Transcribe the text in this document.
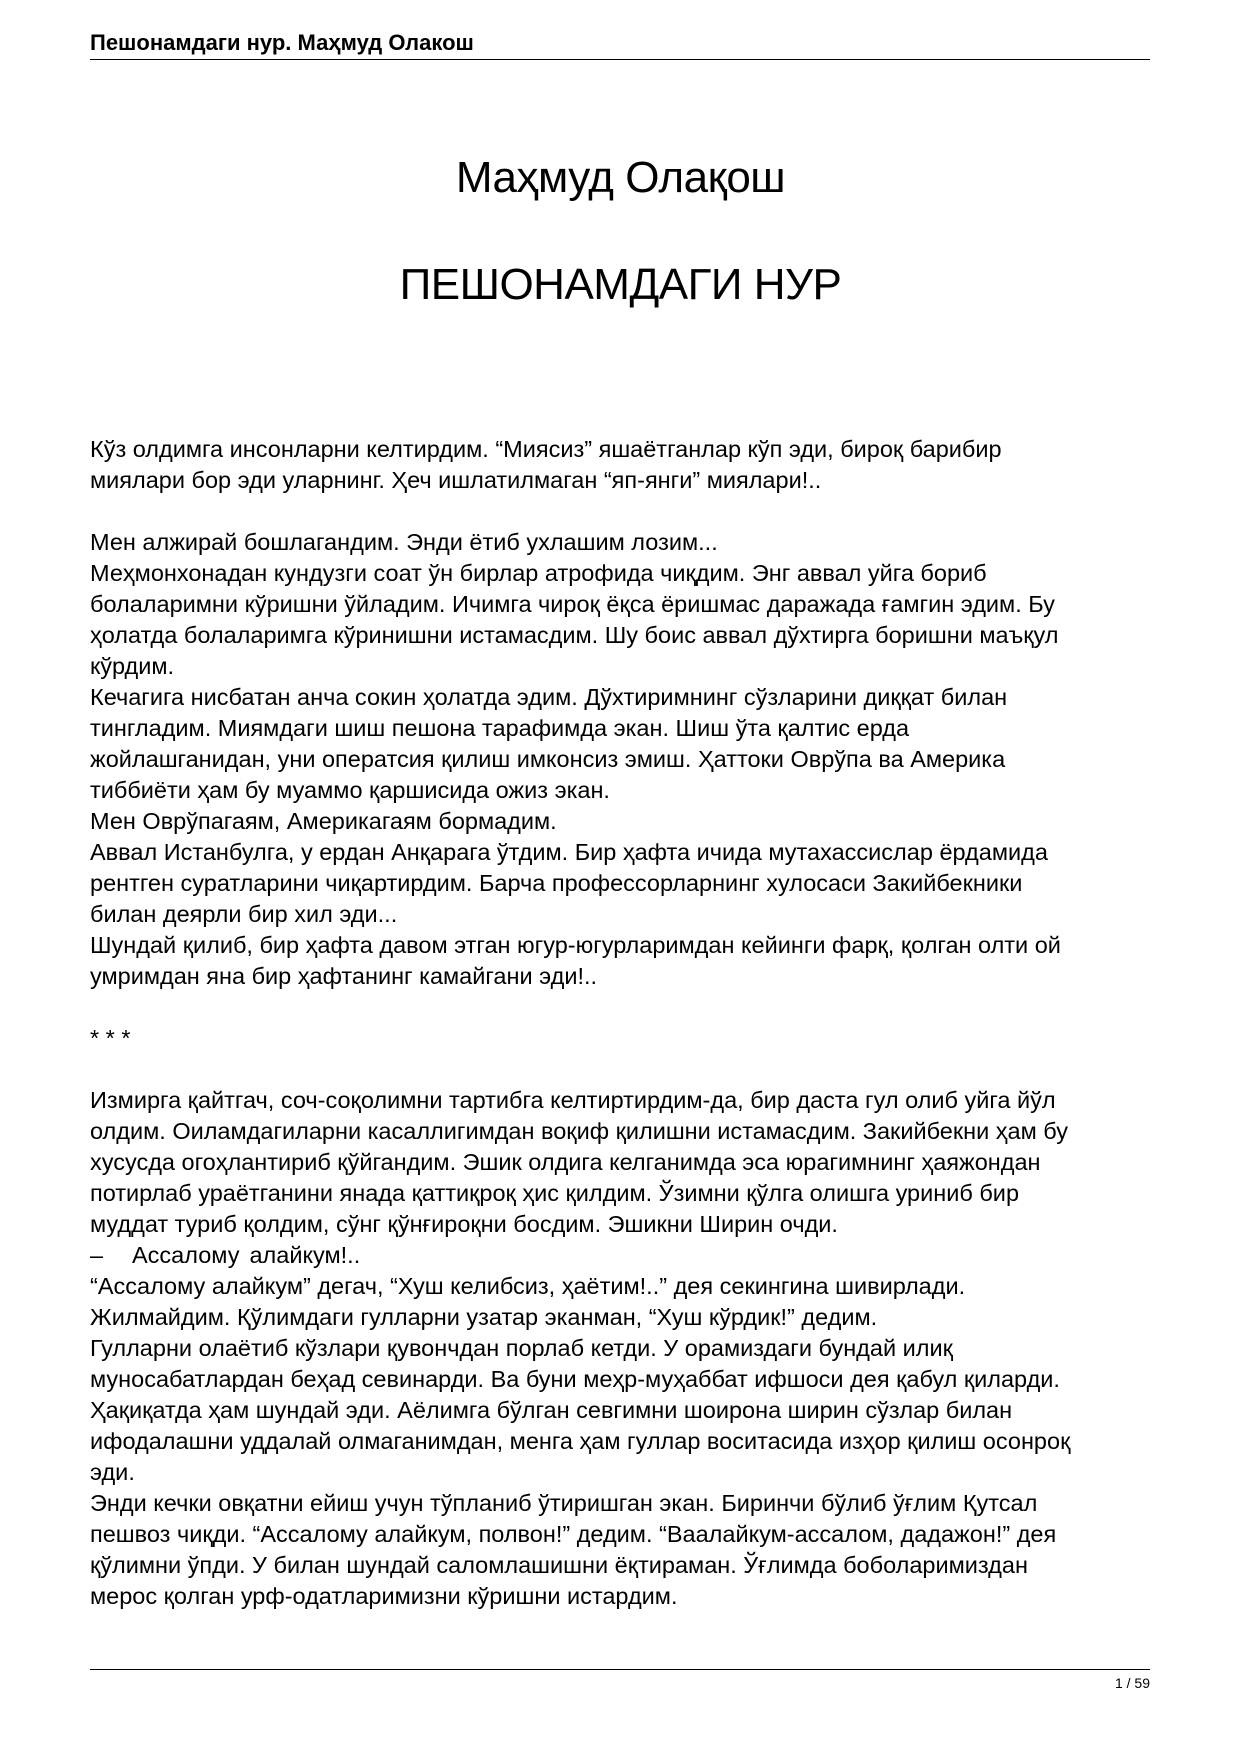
Пешонамдаги нур. Маҳмуд Олакош
Маҳмуд Олақош
ПЕШОНАМДАГИ НУР
Кўз олдимга инсонларни келтирдим. “Миясиз” яшаётганлар кўп эди, бироқ барибир
миялари бор эди уларнинг. Ҳеч ишлатилмаган “яп-янги” миялари!..
Мен алжирай бошлагандим. Энди ётиб ухлашим лозим...
Меҳмонхонадан кундузги соат ўн бирлар атрофида чиқдим. Энг аввал уйга бориб
болаларимни кўришни ўйладим. Ичимга чироқ ёқса ёришмас даражада ғамгин эдим. Бу
ҳолатда болаларимга кўринишни истамасдим. Шу боис аввал дўхтирга боришни маъқул
кўрдим.
Кечагига нисбатан анча сокин ҳолатда эдим. Дўхтиримнинг сўзларини диққат билан
тингладим. Миямдаги шиш пешона тарафимда экан. Шиш ўта қалтис ерда
жойлашганидан, уни оператсия қилиш имконсиз эмиш. Ҳаттоки Оврўпа ва Америка
тиббиёти ҳам бу муаммо қаршисида ожиз экан.
Мен Оврўпагаям, Америкагаям бормадим.
Аввал Истанбулга, у ердан Анқарага ўтдим. Бир ҳафта ичида мутахассислар ёрдамида
рентген суратларини чиқартирдим. Барча профессорларнинг хулосаси Закийбекники
билан деярли бир хил эди...
Шундай қилиб, бир ҳафта давом этган югур-югурларимдан кейинги фарқ, қолган олти ой
умримдан яна бир ҳафтанинг камайгани эди!..
* * *
Измирга қайтгач, соч-соқолимни тартибга келтиртирдим-да, бир даста гул олиб уйга йўл
олдим. Оиламдагиларни касаллигимдан воқиф қилишни истамасдим. Закийбекни ҳам бу
хусусда огоҳлантириб қўйгандим. Эшик олдига келганимда эса юрагимнинг ҳаяжондан
потирлаб ураётганини янада қаттиқроқ ҳис қилдим. Ўзимни қўлга олишга уриниб бир
муддат туриб қолдим, сўнг қўнғироқни босдим. Эшикни Ширин очди.
– Ассалому алайкум!..
“Ассалому алайкум” дегач, “Хуш келибсиз, ҳаётим!..” дея секингина шивирлади.
Жилмайдим. Қўлимдаги гулларни узатар эканман, “Хуш кўрдик!” дедим.
Гулларни олаётиб кўзлари қувончдан порлаб кетди. У орамиздаги бундай илиқ
муносабатлардан беҳад севинарди. Ва буни меҳр-муҳаббат ифшоси дея қабул қиларди.
Ҳақиқатда ҳам шундай эди. Аёлимга бўлган севгимни шоирона ширин сўзлар билан
ифодалашни уддалай олмаганимдан, менга ҳам гуллар воситасида изҳор қилиш осонроқ
эди.
Энди кечки овқатни ейиш учун тўпланиб ўтиришган экан. Биринчи бўлиб ўғлим Қутсал
пешвоз чиқди. “Ассалому алайкум, полвон!” дедим. “Ваалайкум-ассалом, дадажон!” дея
қўлимни ўпди. У билан шундай саломлашишни ёқтираман. Ўғлимда боболаримиздан
мерос қолган урф-одатларимизни кўришни истардим.
1 / 59
